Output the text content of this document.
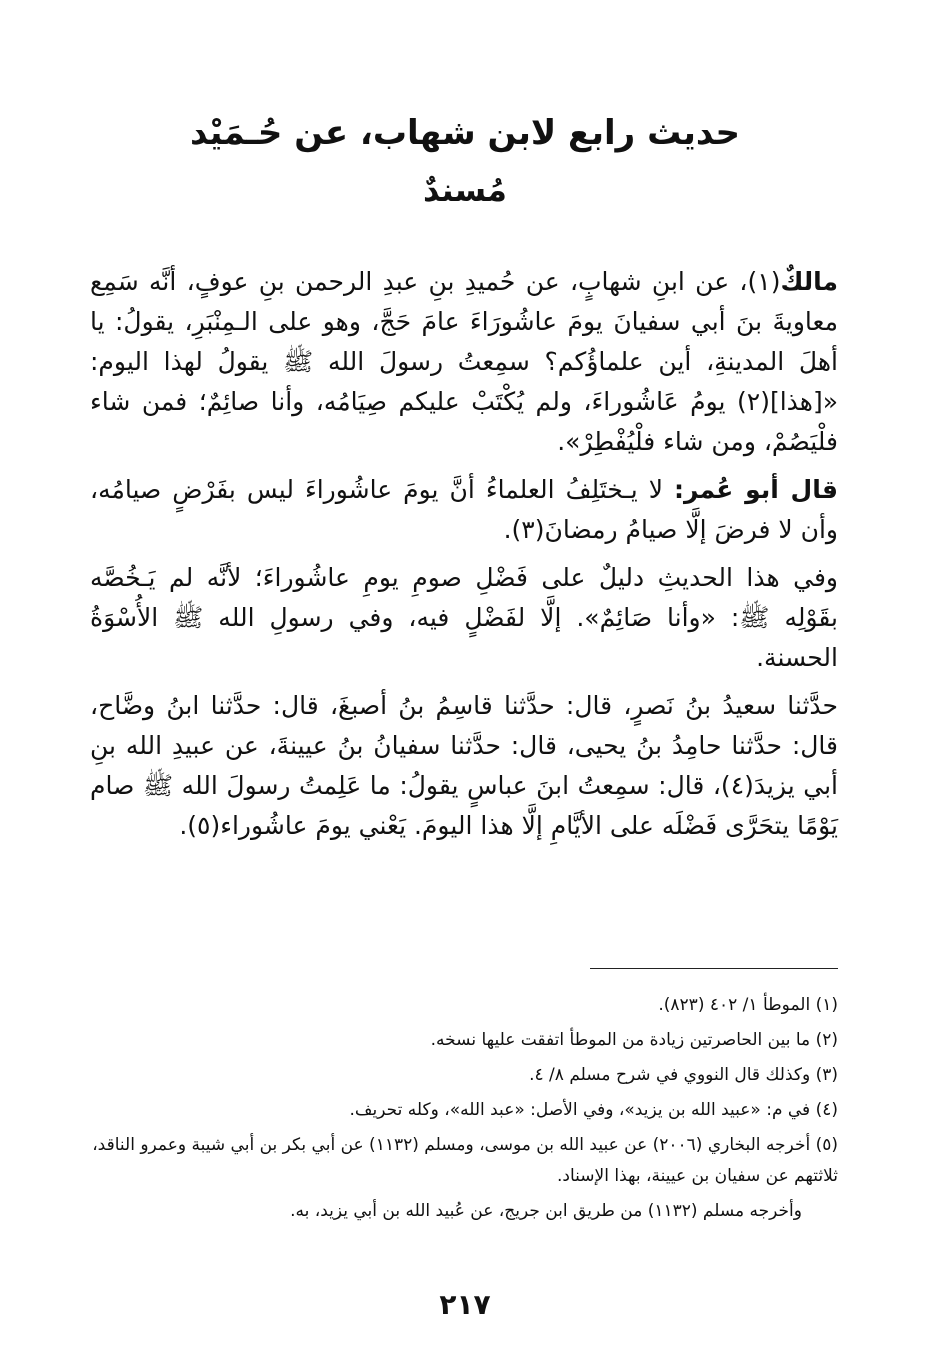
حديث رابع لابن شهاب، عن حُـمَيْد
مُسندٌ

مالكٌ(١)، عن ابنِ شهابٍ، عن حُميدِ بنِ عبدِ الرحمن بنِ عوفٍ، أنَّه سَمِع معاويةَ بنَ أبي سفيانَ يومَ عاشُورَاءَ عامَ حَجَّ، وهو على الـمِنْبَرِ، يقولُ: يا أهلَ المدينةِ، أين علماؤُكم؟ سمِعتُ رسولَ الله ﷺ يقولُ لهذا اليوم: «[هذا](٢) يومُ عَاشُوراءَ، ولم يُكْتَبْ عليكم صِيَامُه، وأنا صائِمٌ؛ فمن شاء فلْيَصُمْ، ومن شاء فلْيُفْطِرْ».

قال أبو عُمر: لا يـختَلِفُ العلماءُ أنَّ يومَ عاشُوراءَ ليس بفَرْضٍ صيامُه، وأن لا فرضَ إلَّا صيامُ رمضانَ(٣).

وفي هذا الحديثِ دليلٌ على فَضْلِ صومِ يومِ عاشُوراءَ؛ لأنَّه لم يَـخُصَّه بقَوْلِه ﷺ: «وأنا صَائِمٌ». إلَّا لفَضْلٍ فيه، وفي رسولِ الله ﷺ الأُسْوَةُ الحسنة.

حدَّثنا سعيدُ بنُ نَصرٍ، قال: حدَّثنا قاسِمُ بنُ أصبغَ، قال: حدَّثنا ابنُ وضَّاح، قال: حدَّثنا حامِدُ بنُ يحيى، قال: حدَّثنا سفيانُ بنُ عيينةَ، عن عبيدِ الله بنِ أبي يزيدَ(٤)، قال: سمِعتُ ابنَ عباسٍ يقولُ: ما عَلِمتُ رسولَ الله ﷺ صام يَوْمًا يتحَرَّى فَضْلَه على الأيَّامِ إلَّا هذا اليومَ. يَعْني يومَ عاشُوراء(٥).

(١) الموطأ ١/ ٤٠٢ (٨٢٣).

(٢) ما بين الحاصرتين زيادة من الموطأ اتفقت عليها نسخه.

(٣) وكذلك قال النووي في شرح مسلم ٨/ ٤.

(٤) في م: «عبيد الله بن يزيد»، وفي الأصل: «عبد الله»، وكله تحريف.

(٥) أخرجه البخاري (٢٠٠٦) عن عبيد الله بن موسى، ومسلم (١١٣٢) عن أبي بكر بن أبي شيبة وعمرو الناقد، ثلاثتهم عن سفيان بن عيينة، بهذا الإسناد.

وأخرجه مسلم (١١٣٢) من طريق ابن جريج، عن عُبيد الله بن أبي يزيد، به.

٢١٧
